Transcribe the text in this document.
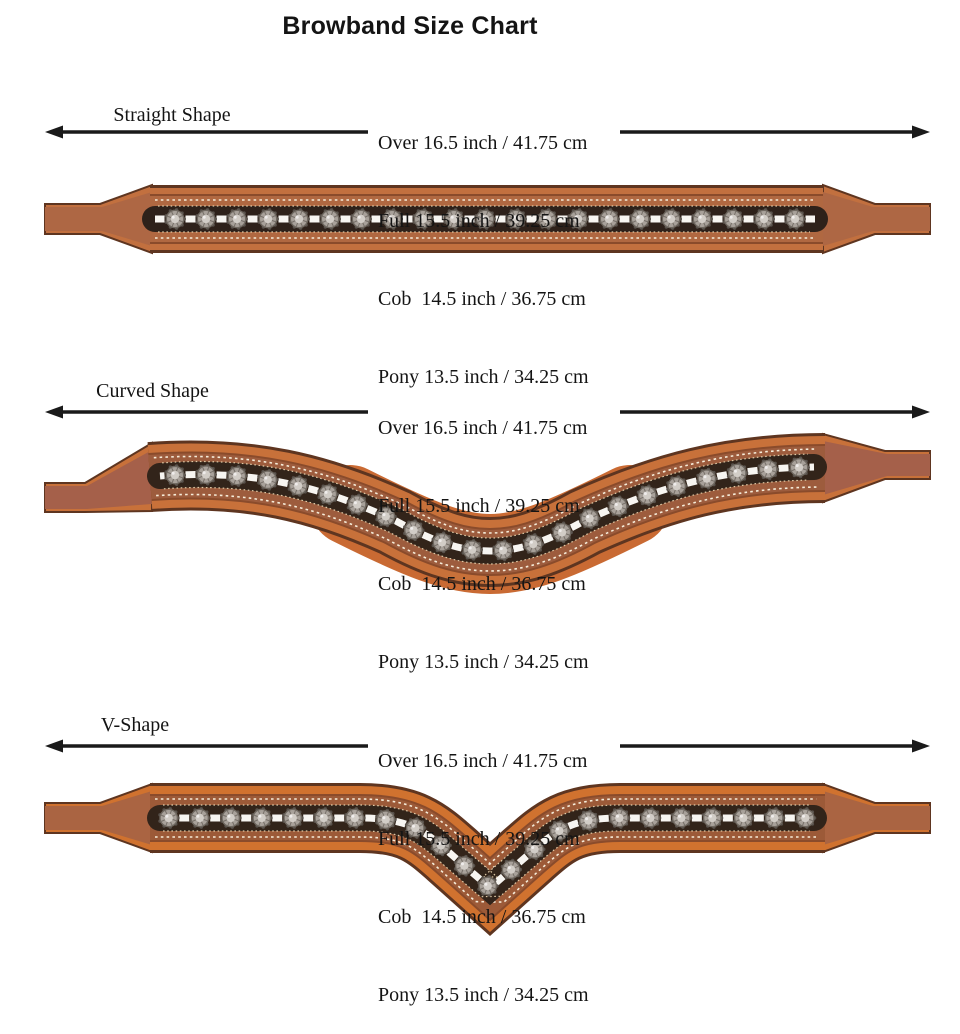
Browband Size Chart
Straight Shape

Over 16.5 inch / 41.75 cm

Full 15.5 inch / 39.25 cm

Cob  14.5 inch / 36.75 cm

Pony 13.5 inch / 34.25 cm

Curved Shape

Over 16.5 inch / 41.75 cm

Full 15.5 inch / 39.25 cm

Cob  14.5 inch / 36.75 cm

Pony 13.5 inch / 34.25 cm

V-Shape

Over 16.5 inch / 41.75 cm

Full 15.5 inch / 39.25 cm

Cob  14.5 inch / 36.75 cm

Pony 13.5 inch / 34.25 cm
